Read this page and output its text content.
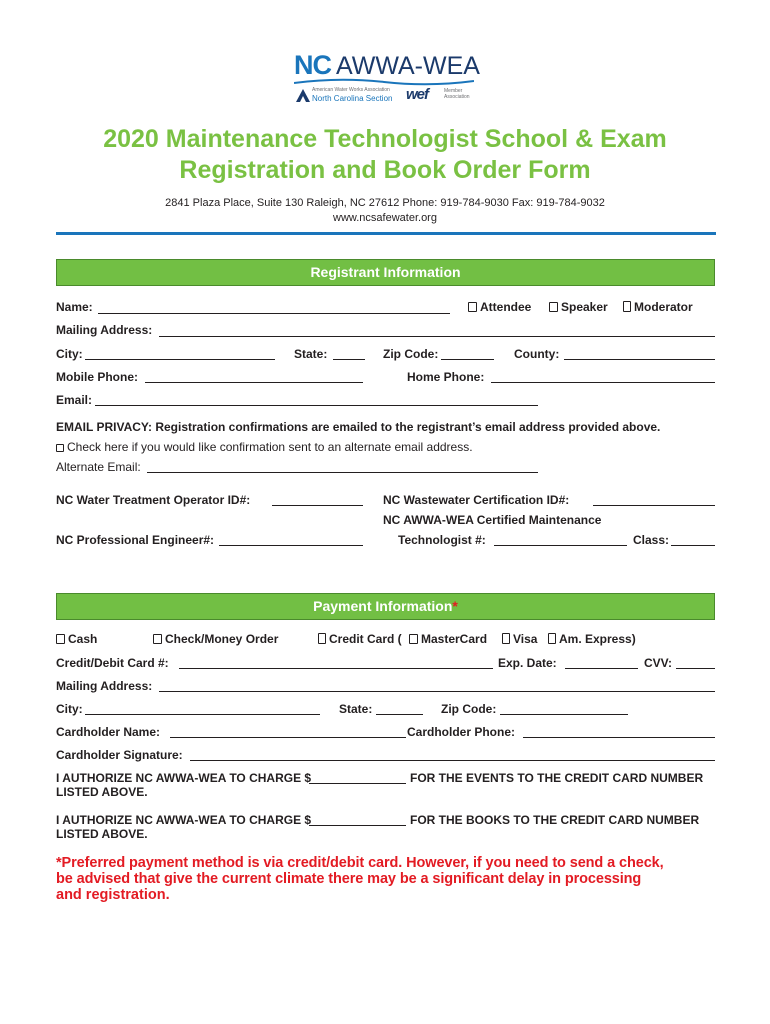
NC AWWA-WEA
American Water Works Association
North Carolina Section wef	Member Association
2020 Maintenance Technologist School & Exam
Registration and Book Order Form
2841 Plaza Place, Suite 130 Raleigh, NC 27612 Phone: 919-784-9030 Fax: 919-784-9032
www.ncsafewater.org
Registrant Information
Name:	Attendee	Speaker	Moderator
Mailing Address:
City:	State:	Zip Code:	County:
Mobile Phone:	Home Phone:
Email:
EMAIL PRIVACY: Registration confirmations are emailed to the registrant’s email address provided above.
Check here if you would like confirmation sent to an alternate email address.
Alternate Email:
NC Water Treatment Operator ID#:	NC Wastewater Certification ID#:
NC AWWA-WEA Certified Maintenance
NC Professional Engineer#:	Technologist #:	Class:
Payment Information*
Cash	Check/Money Order	Credit Card (	MasterCard	Visa	Am. Express)
Credit/Debit Card #:	Exp. Date:	CVV:
Mailing Address:
City:	State:	Zip Code:
Cardholder Name:	Cardholder Phone:
Cardholder Signature:
I AUTHORIZE NC AWWA-WEA TO CHARGE $	FOR THE EVENTS TO THE CREDIT CARD NUMBER
LISTED ABOVE.
I AUTHORIZE NC AWWA-WEA TO CHARGE $	FOR THE BOOKS TO THE CREDIT CARD NUMBER
LISTED ABOVE.
*Preferred payment method is via credit/debit card. However, if you need to send a check,
be advised that give the current climate there may be a significant delay in processing
and registration.
